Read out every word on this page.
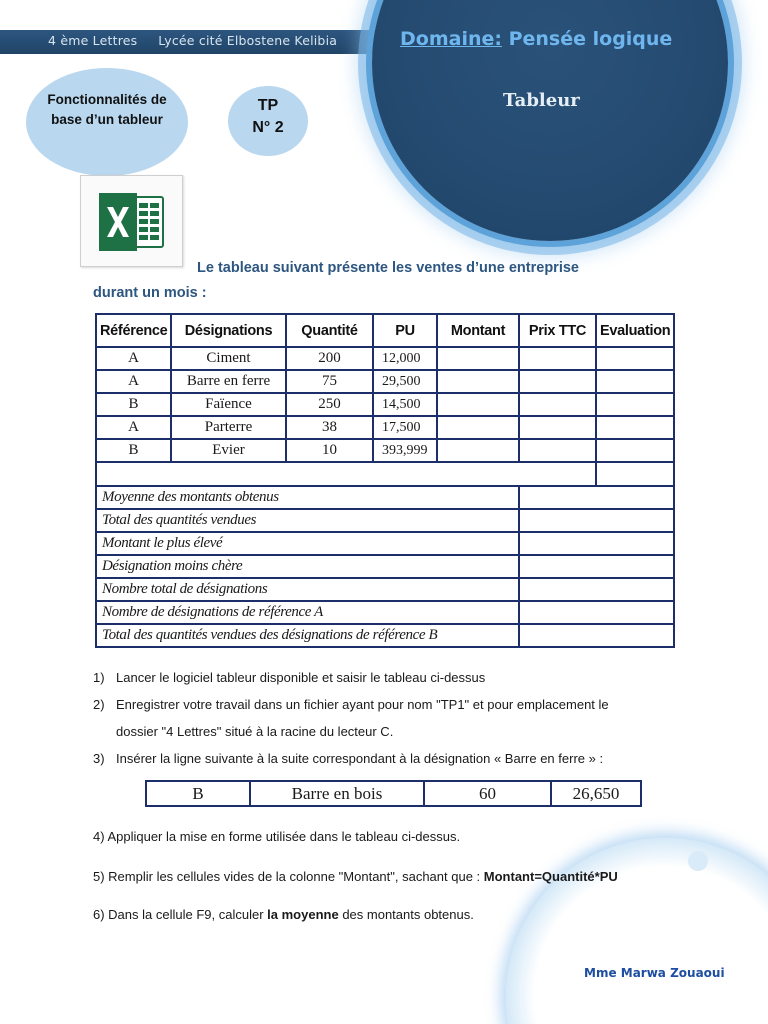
4 ème Lettres     Lycée cité Elbostene Kelibia	Domaine: Pensée logique
Tableur
Fonctionnalités de
base d’un tableur
TP
N° 2
Le tableau suivant présente les ventes d’une entreprise
durant un mois :
Référence	Désignations	Quantité	PU	Montant	Prix TTC	Evaluation
A	Ciment	200	12,000			
A	Barre en ferre	75	29,500			
B	Faïence	250	14,500			
A	Parterre	38	17,500			
B	Evier	10	393,999			

Moyenne des montants obtenus						
Total des quantités vendues						
Montant le plus élevé						
Désignation moins chère						
Nombre total de désignations						
Nombre de désignations de référence A						
Total des quantités vendues des désignations de référence B						
1) Lancer le logiciel tableur disponible et saisir le tableau ci-dessus
2) Enregistrer votre travail dans un fichier ayant pour nom "TP1" et pour emplacement le
dossier "4 Lettres" situé à la racine du lecteur C.
3) Insérer la ligne suivante à la suite correspondant à la désignation « Barre en ferre » :
B	Barre en bois	60	26,650
4) Appliquer la mise en forme utilisée dans le tableau ci-dessus.
5) Remplir les cellules vides de la colonne "Montant", sachant que : Montant=Quantité*PU
6) Dans la cellule F9, calculer la moyenne des montants obtenus.
Mme Marwa Zouaoui
